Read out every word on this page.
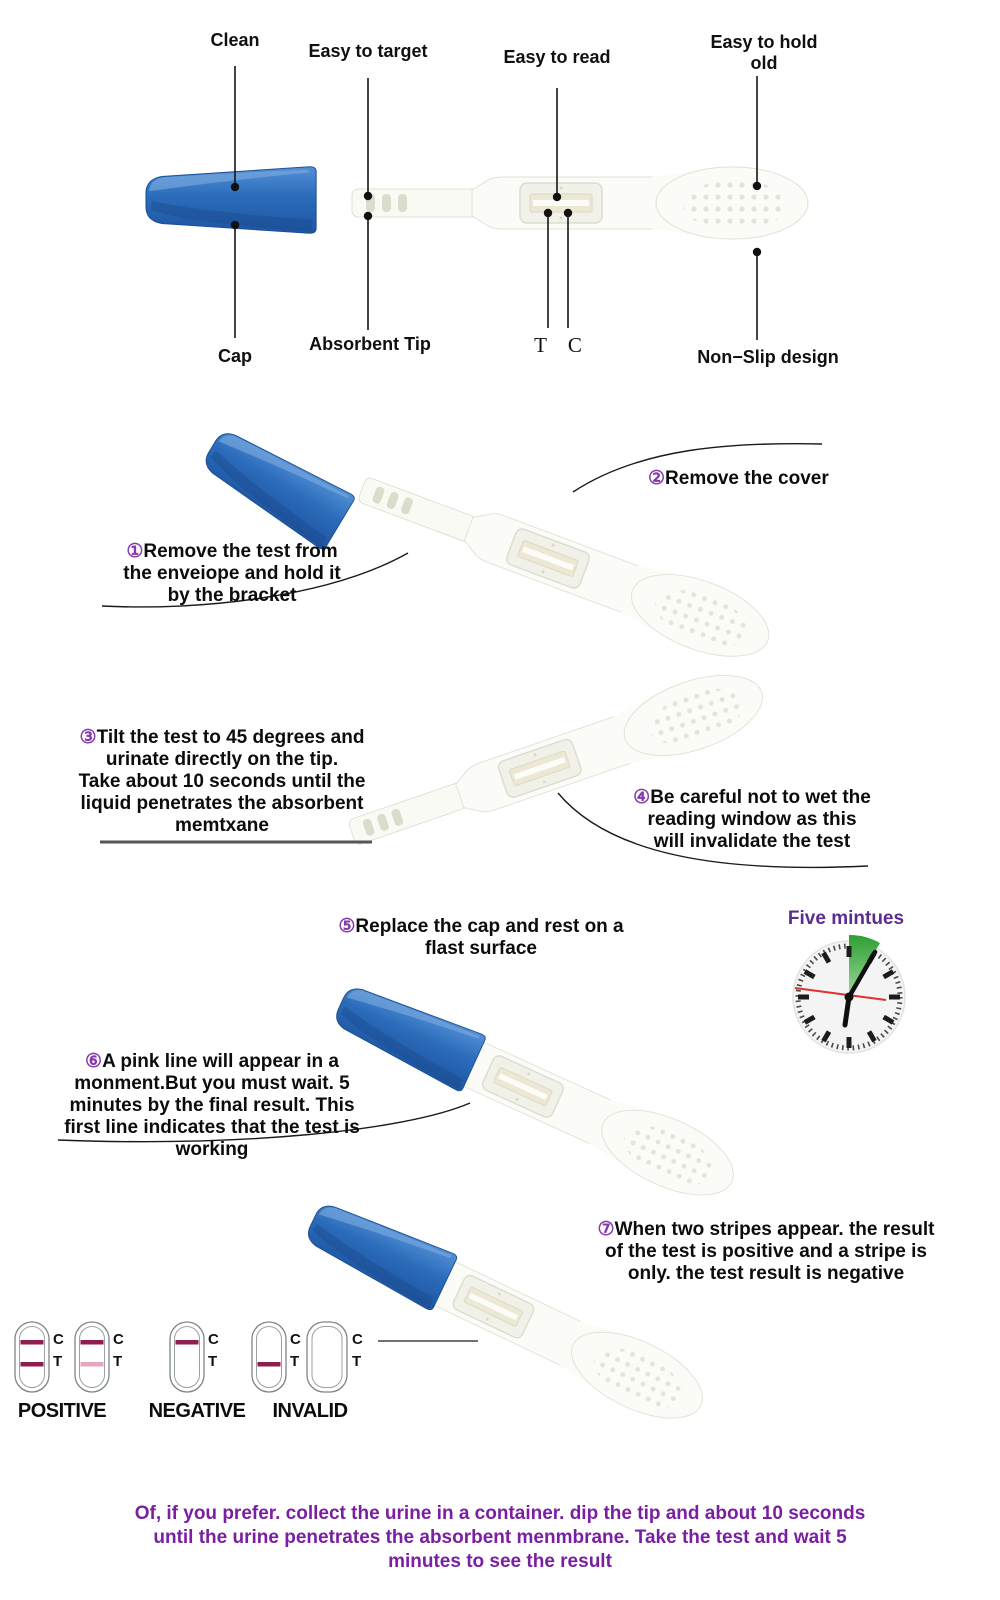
Clean
Easy to target	Easy to read
Easy to hold
old
Cap
Absorbent Tip	T C	Non−Slip design
①Remove the test from
the enveiope and hold it
by the bracket
②Remove the cover
③Tilt the test to 45 degrees and
urinate directly on the tip.
Take about 10 seconds until the
liquid penetrates the absorbent
memtxane
④Be careful not to wet the
reading window as this
will invalidate the test
⑤Replace the cap and rest on a
flast surface
⑥A pink line will appear in a
monment.But you must wait. 5
minutes by the final result. This
first line indicates that the test is
working
⑦When two stripes appear. the result
of the test is positive and a stripe is
only. the test result is negative
Five mintues
C
T
C
T
C
T
C
T
C
T
POSITIVE NEGATIVE INVALID
Of, if you prefer. collect the urine in a container. dip the tip and about 10 seconds
until the urine penetrates the absorbent menmbrane. Take the test and wait 5
minutes to see the result
